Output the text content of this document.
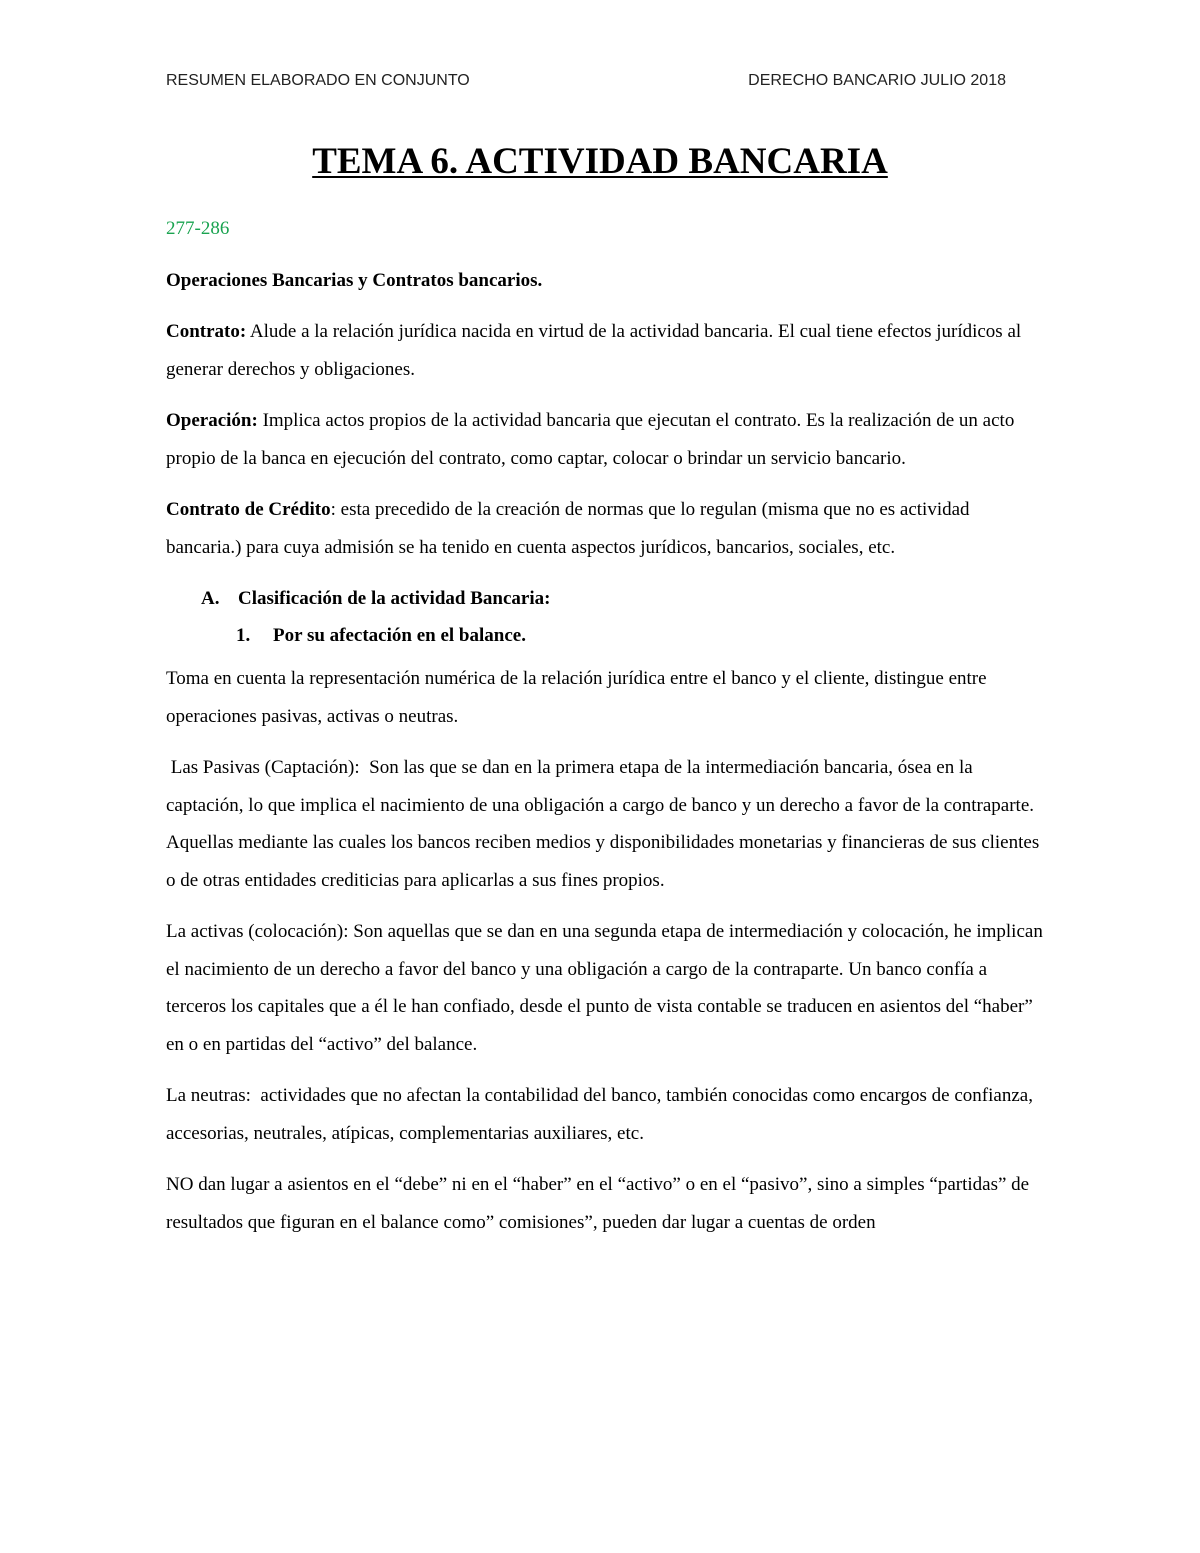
RESUMEN ELABORADO EN CONJUNTO	DERECHO BANCARIO JULIO 2018
TEMA 6. ACTIVIDAD BANCARIA

277-286

Operaciones Bancarias y Contratos bancarios.

Contrato: Alude a la relación jurídica nacida en virtud de la actividad bancaria. El cual tiene efectos jurídicos al generar derechos y obligaciones.

Operación: Implica actos propios de la actividad bancaria que ejecutan el contrato. Es la realización de un acto propio de la banca en ejecución del contrato, como captar, colocar o brindar un servicio bancario.

Contrato de Crédito: esta precedido de la creación de normas que lo regulan (misma que no es actividad bancaria.) para cuya admisión se ha tenido en cuenta aspectos jurídicos, bancarios, sociales, etc.

A. Clasificación de la actividad Bancaria:
1.	Por su afectación en el balance.

Toma en cuenta la representación numérica de la relación jurídica entre el banco y el cliente, distingue entre operaciones pasivas, activas o neutras.

Las Pasivas (Captación):  Son las que se dan en la primera etapa de la intermediación bancaria, ósea en la captación, lo que implica el nacimiento de una obligación a cargo de banco y un derecho a favor de la contraparte. Aquellas mediante las cuales los bancos reciben medios y disponibilidades monetarias y financieras de sus clientes o de otras entidades crediticias para aplicarlas a sus fines propios.

La activas (colocación): Son aquellas que se dan en una segunda etapa de intermediación y colocación, he implican el nacimiento de un derecho a favor del banco y una obligación a cargo de la contraparte. Un banco confía a terceros los capitales que a él le han confiado, desde el punto de vista contable se traducen en asientos del “haber” en o en partidas del “activo” del balance.

La neutras:  actividades que no afectan la contabilidad del banco, también conocidas como encargos de confianza, accesorias, neutrales, atípicas, complementarias auxiliares, etc.

NO dan lugar a asientos en el “debe” ni en el “haber” en el “activo” o en el “pasivo”, sino a simples “partidas” de resultados que figuran en el balance como” comisiones”, pueden dar lugar a cuentas de orden
